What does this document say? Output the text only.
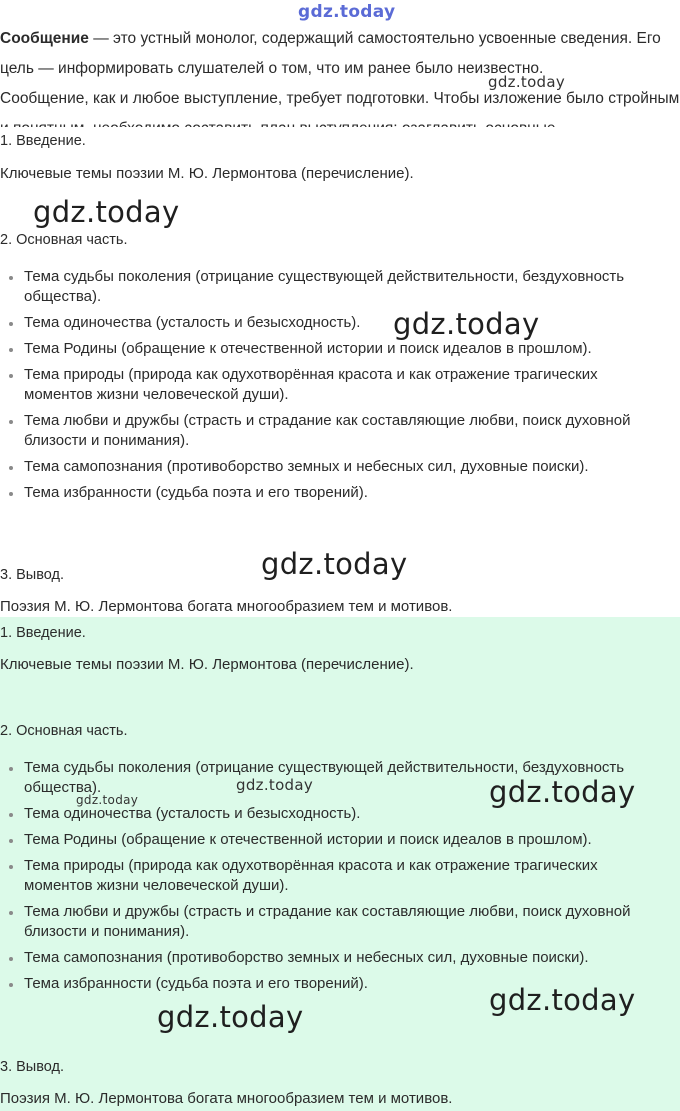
gdz.today

Сообщение — это устный монолог, содержащий самостоятельно усвоенные сведения. Его цель — информировать слушателей о том, что им ранее было неизвестно.

Сообщение, как и любое выступление, требует подготовки. Чтобы изложение было стройным

gdz.today
1. Введение.
Ключевые темы поэзии М. Ю. Лермонтова (перечисление).
2. Основная часть.
Тема судьбы поколения (отрицание существующей действительности, бездуховность общества).
Тема одиночества (усталость и безысходность).
Тема Родины (обращение к отечественной истории и поиск идеалов в прошлом).
Тема природы (природа как одухотворённая красота и как отражение трагических моментов жизни человеческой души).
Тема любви и дружбы (страсть и страдание как составляющие любви, поиск духовной близости и понимания).
Тема самопознания (противоборство земных и небесных сил, духовные поиски).
Тема избранности (судьба поэта и его творений).
3. Вывод.
Поэзия М. Ю. Лермонтова богата многообразием тем и мотивов.
gdz.today
gdz.today
gdz.today
1. Введение.
Ключевые темы поэзии М. Ю. Лермонтова (перечисление).
2. Основная часть.
Тема судьбы поколения (отрицание существующей действительности, бездуховность общества).
Тема одиночества (усталость и безысходность).
Тема Родины (обращение к отечественной истории и поиск идеалов в прошлом).
Тема природы (природа как одухотворённая красота и как отражение трагических моментов жизни человеческой души).
Тема любви и дружбы (страсть и страдание как составляющие любви, поиск духовной близости и понимания).
Тема самопознания (противоборство земных и небесных сил, духовные поиски).
Тема избранности (судьба поэта и его творений).
3. Вывод.
Поэзия М. Ю. Лермонтова богата многообразием тем и мотивов.
gdz.today
gdz.today	gdz.today
gdz.today
gdz.today
